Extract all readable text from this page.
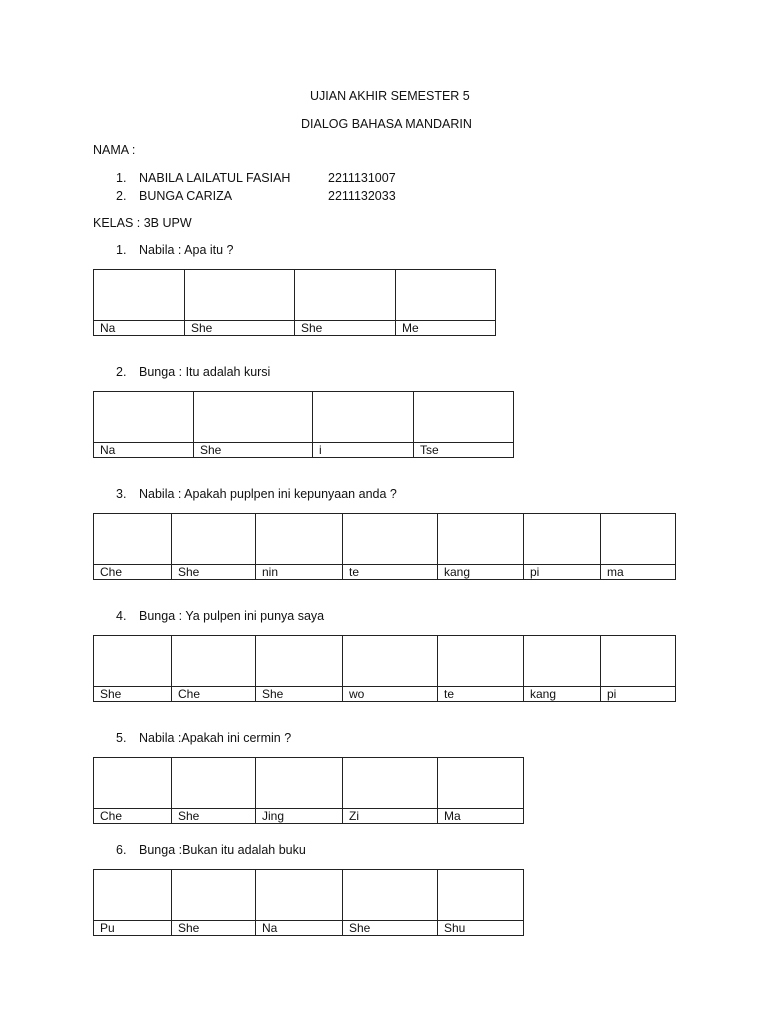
UJIAN AKHIR SEMESTER 5
DIALOG BAHASA MANDARIN
NAMA :
1. NABILA LAILATUL FASIAH	2211131007
2. BUNGA CARIZA	2211132033
KELAS : 3B UPW
1. Nabila : Apa itu ?

Na	She	She	Me
2. Bunga : Itu adalah kursi

Na	She	i	Tse
3. Nabila : Apakah puplpen ini kepunyaan anda ?

Che	She	nin	te	kang	pi	ma
4. Bunga : Ya pulpen ini punya saya

She	Che	She	wo	te	kang	pi
5. Nabila :Apakah ini cermin ?

Che	She	Jing	Zi	Ma
6. Bunga :Bukan itu adalah buku

Pu	She	Na	She	Shu
